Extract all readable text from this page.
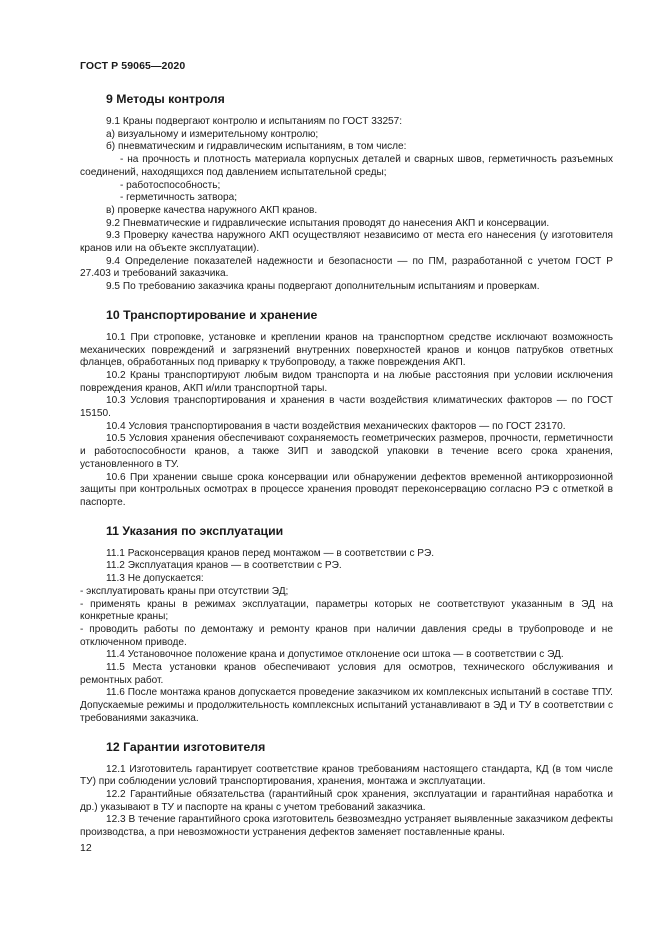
ГОСТ Р 59065—2020
9 Методы контроля

9.1 Краны подвергают контролю и испытаниям по ГОСТ 33257:

а) визуальному и измерительному контролю;

б) пневматическим и гидравлическим испытаниям, в том числе:

- на прочность и плотность материала корпусных деталей и сварных швов, герметичность разъемных соединений, находящихся под давлением испытательной среды;

- работоспособность;

- герметичность затвора;

в) проверке качества наружного АКП кранов.

9.2 Пневматические и гидравлические испытания проводят до нанесения АКП и консервации.

9.3 Проверку качества наружного АКП осуществляют независимо от места его нанесения (у изготовителя кранов или на объекте эксплуатации).

9.4 Определение показателей надежности и безопасности — по ПМ, разработанной с учетом ГОСТ Р 27.403 и требований заказчика.

9.5 По требованию заказчика краны подвергают дополнительным испытаниям и проверкам.

10 Транспортирование и хранение

10.1 При строповке, установке и креплении кранов на транспортном средстве исключают возможность механических повреждений и загрязнений внутренних поверхностей кранов и концов патрубков ответных фланцев, обработанных под приварку к трубопроводу, а также повреждения АКП.

10.2 Краны транспортируют любым видом транспорта и на любые расстояния при условии исключения повреждения кранов, АКП и/или транспортной тары.

10.3 Условия транспортирования и хранения в части воздействия климатических факторов — по ГОСТ 15150.

10.4 Условия транспортирования в части воздействия механических факторов — по ГОСТ 23170.

10.5 Условия хранения обеспечивают сохраняемость геометрических размеров, прочности, герметичности и работоспособности кранов, а также ЗИП и заводской упаковки в течение всего срока хранения, установленного в ТУ.

10.6 При хранении свыше срока консервации или обнаружении дефектов временной антикоррозионной защиты при контрольных осмотрах в процессе хранения проводят переконсервацию согласно РЭ с отметкой в паспорте.

11 Указания по эксплуатации

11.1 Расконсервация кранов перед монтажом — в соответствии с РЭ.

11.2 Эксплуатация кранов — в соответствии с РЭ.

11.3 Не допускается:

- эксплуатировать краны при отсутствии ЭД;

- применять краны в режимах эксплуатации, параметры которых не соответствуют указанным в ЭД на конкретные краны;

- проводить работы по демонтажу и ремонту кранов при наличии давления среды в трубопроводе и не отключенном приводе.

11.4 Установочное положение крана и допустимое отклонение оси штока — в соответствии с ЭД.

11.5 Места установки кранов обеспечивают условия для осмотров, технического обслуживания и ремонтных работ.

11.6 После монтажа кранов допускается проведение заказчиком их комплексных испытаний в составе ТПУ. Допускаемые режимы и продолжительность комплексных испытаний устанавливают в ЭД и ТУ в соответствии с требованиями заказчика.

12 Гарантии изготовителя

12.1 Изготовитель гарантирует соответствие кранов требованиям настоящего стандарта, КД (в том числе ТУ) при соблюдении условий транспортирования, хранения, монтажа и эксплуатации.

12.2 Гарантийные обязательства (гарантийный срок хранения, эксплуатации и гарантийная наработка и др.) указывают в ТУ и паспорте на краны с учетом требований заказчика.

12.3 В течение гарантийного срока изготовитель безвозмездно устраняет выявленные заказчиком дефекты производства, а при невозможности устранения дефектов заменяет поставленные краны.

12
